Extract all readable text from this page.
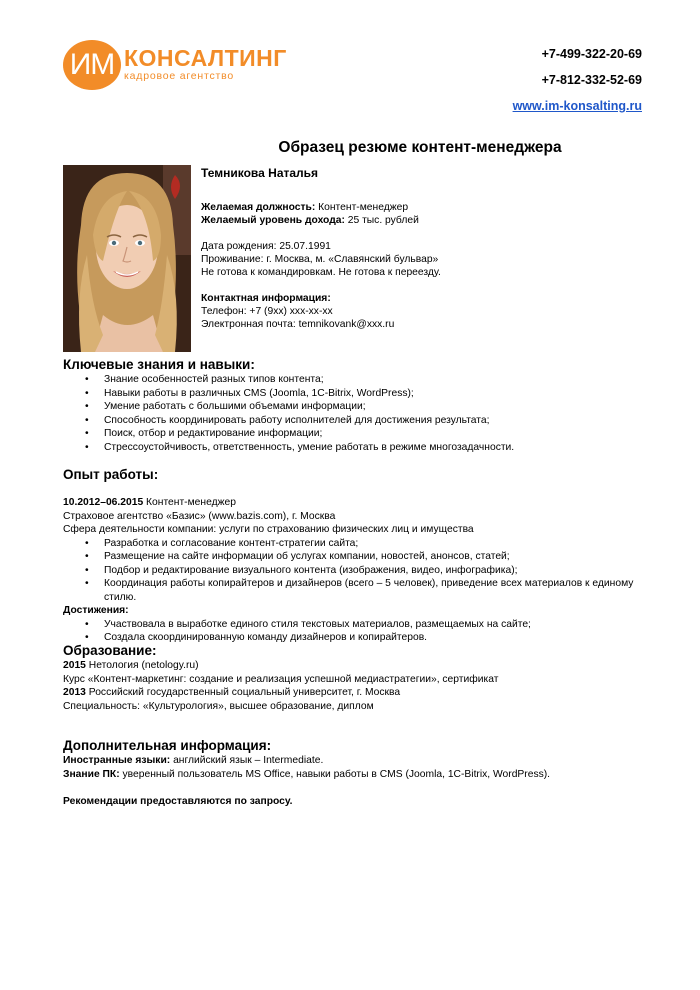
ИМ КОНСАЛТИНГ
кадровое агентство
+7-499-322-20-69
+7-812-332-52-69
www.im-konsalting.ru
Образец резюме контент-менеджера
Темникова Наталья
Желаемая должность: Контент-менеджер
Желаемый уровень дохода: 25 тыс. рублей
Дата рождения: 25.07.1991
Проживание: г. Москва, м. «Славянский бульвар»
Не готова к командировкам. Не готова к переезду.
Контактная информация:
Телефон: +7 (9хх) ххх-хх-хх
Электронная почта: temnikovank@xxx.ru
Ключевые знания и навыки:
• Знание особенностей разных типов контента;
• Навыки работы в различных CMS (Joomla, 1С-Bitrix, WordPress);
• Умение работать с большими объемами информации;
• Способность координировать работу исполнителей для достижения результата;
• Поиск, отбор и редактирование информации;
• Стрессоустойчивость, ответственность, умение работать в режиме многозадачности.
Опыт работы:
10.2012–06.2015 Контент-менеджер
Страховое агентство «Базис» (www.bazis.com), г. Москва
Сфера деятельности компании: услуги по страхованию физических лиц и имущества
• Разработка и согласование контент-стратегии сайта;
• Размещение на сайте информации об услугах компании, новостей, анонсов, статей;
• Подбор и редактирование визуального контента (изображения, видео, инфографика);
• Координация работы копирайтеров и дизайнеров (всего – 5 человек), приведение всех материалов к единому стилю.
Достижения:
• Участвовала в выработке единого стиля текстовых материалов, размещаемых на сайте;
• Создала скоординированную команду дизайнеров и копирайтеров.
Образование:
2015 Нетология (netology.ru)
Курс «Контент-маркетинг: создание и реализация успешной медиастратегии», сертификат
2013 Российский государственный социальный университет, г. Москва
Специальность: «Культурология», высшее образование, диплом
Дополнительная информация:
Иностранные языки: английский язык – Intermediate.
Знание ПК: уверенный пользователь MS Office, навыки работы в CMS (Joomla, 1С-Bitrix, WordPress).
Рекомендации предоставляются по запросу.
